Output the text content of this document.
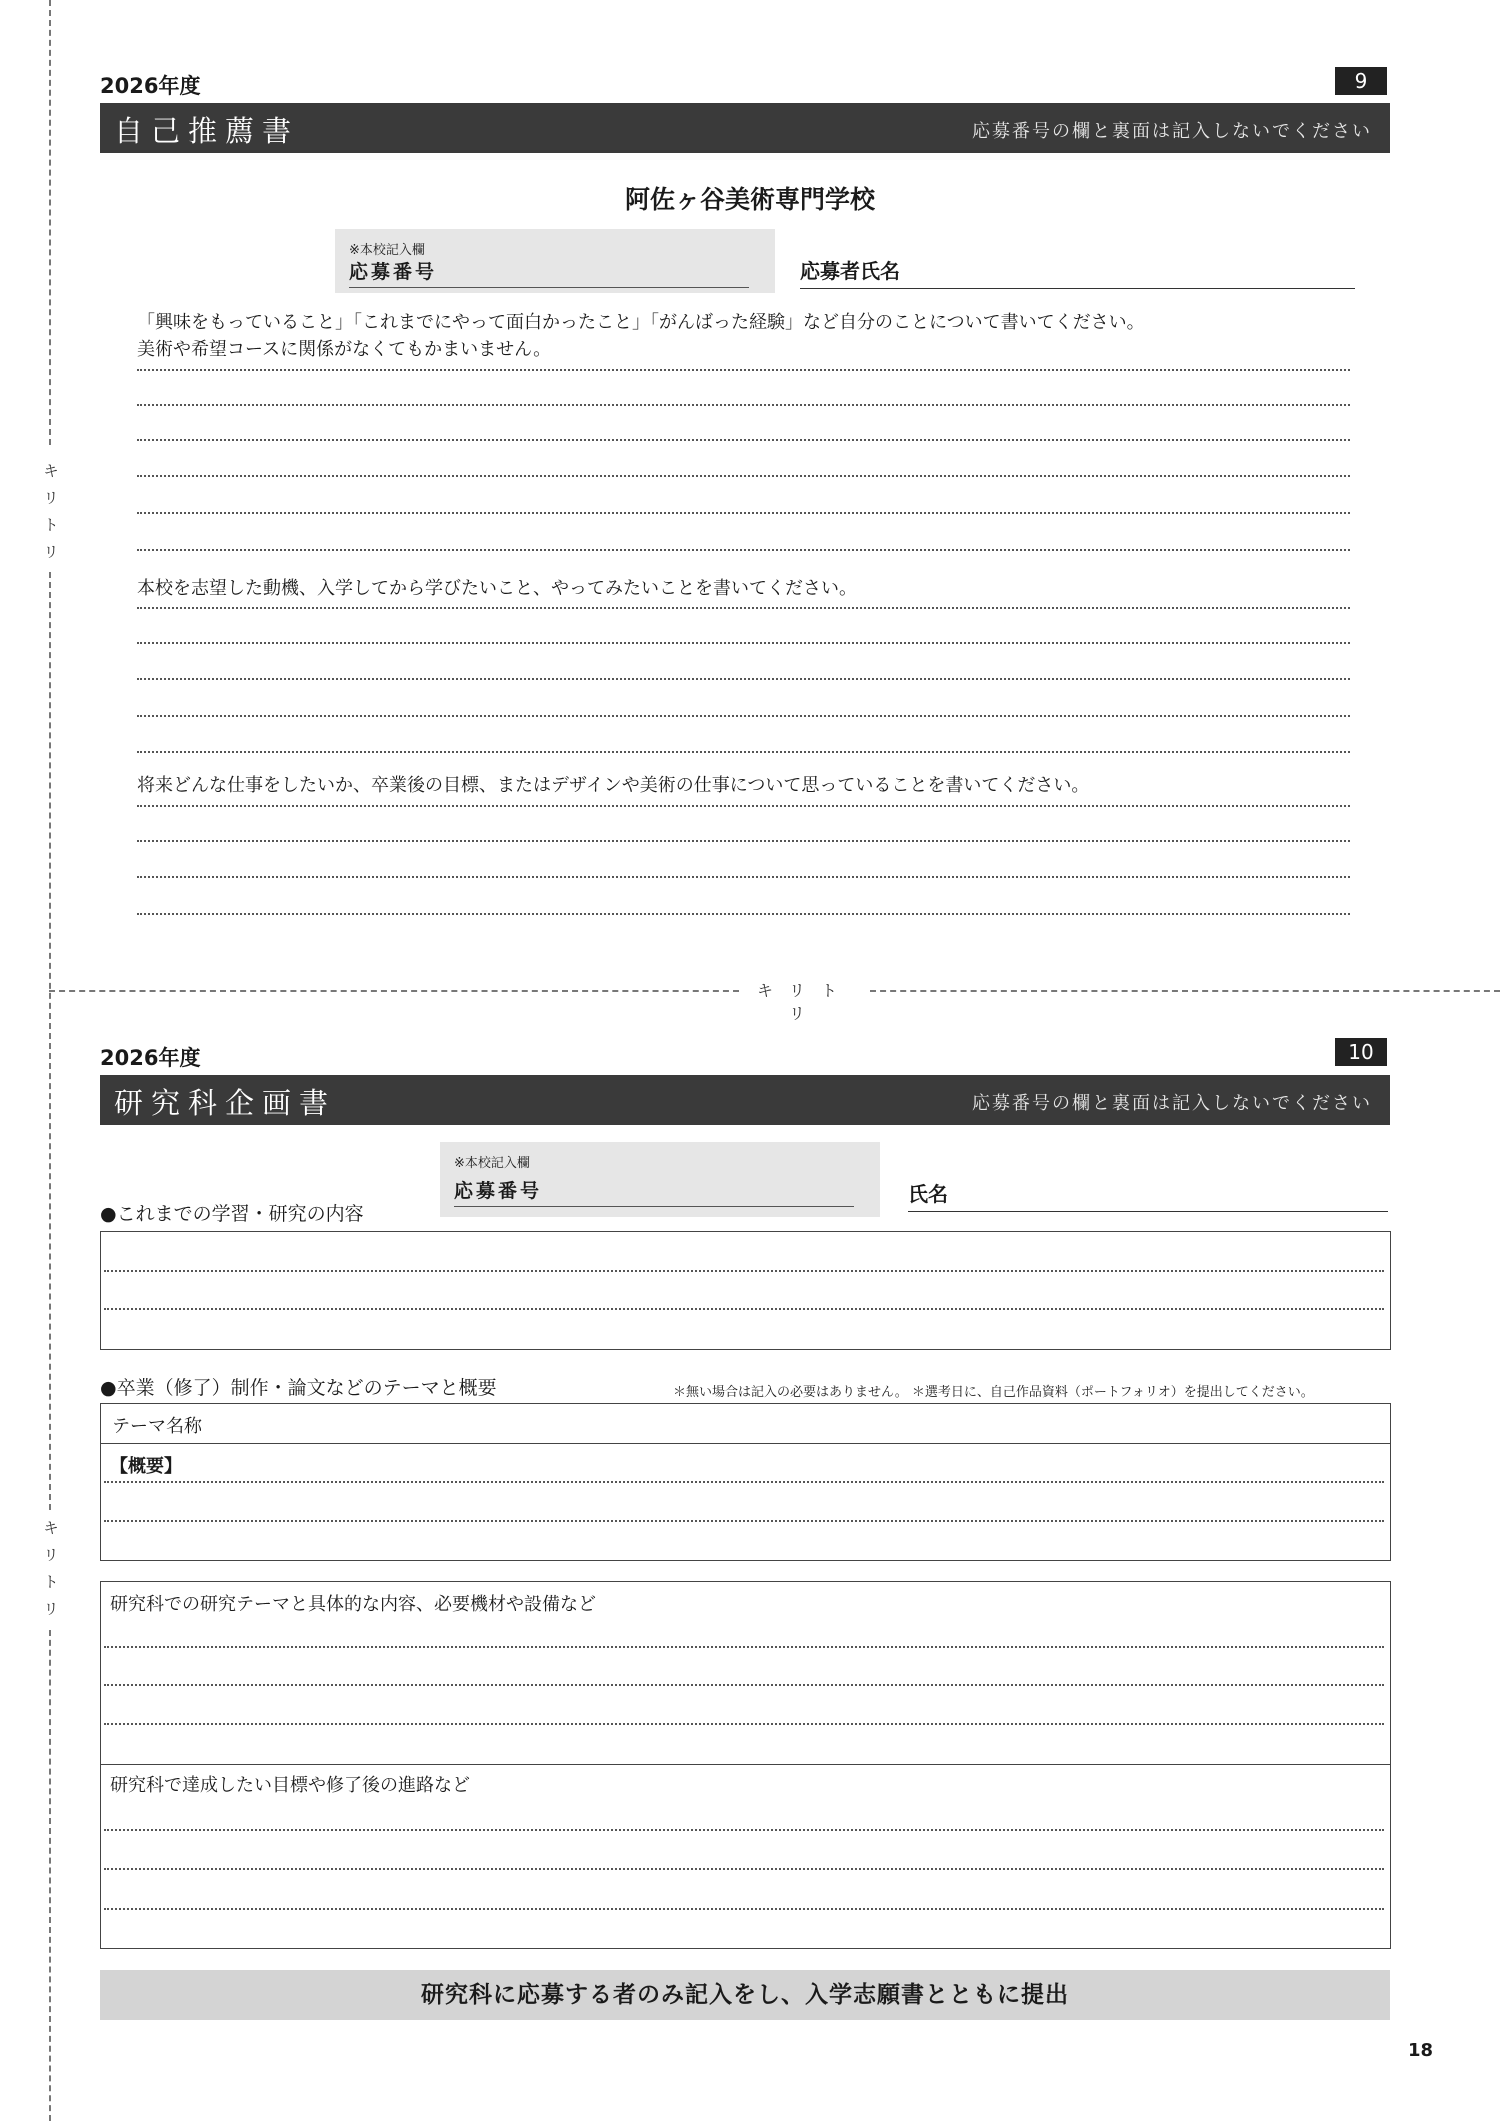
キリトリ
キリトリ
キリトリ
2026年度	9
自己推薦書	応募番号の欄と裏面は記入しないでください
阿佐ヶ谷美術専門学校
※本校記入欄
応募番号	応募者氏名
「興味をもっていること」「これまでにやって面白かったこと」「がんばった経験」など自分のことについて書いてください。
美術や希望コースに関係がなくてもかまいません。
本校を志望した動機、入学してから学びたいこと、やってみたいことを書いてください。
将来どんな仕事をしたいか、卒業後の目標、またはデザインや美術の仕事について思っていることを書いてください。
2026年度	10
研究科企画書	応募番号の欄と裏面は記入しないでください
※本校記入欄
応募番号	氏名
●これまでの学習・研究の内容
●卒業（修了）制作・論文などのテーマと概要	＊無い場合は記入の必要はありません。 ＊選考日に、自己作品資料（ポートフォリオ）を提出してください。
テーマ名称
【概要】
研究科での研究テーマと具体的な内容、必要機材や設備など
研究科で達成したい目標や修了後の進路など
研究科に応募する者のみ記入をし、入学志願書とともに提出
18
